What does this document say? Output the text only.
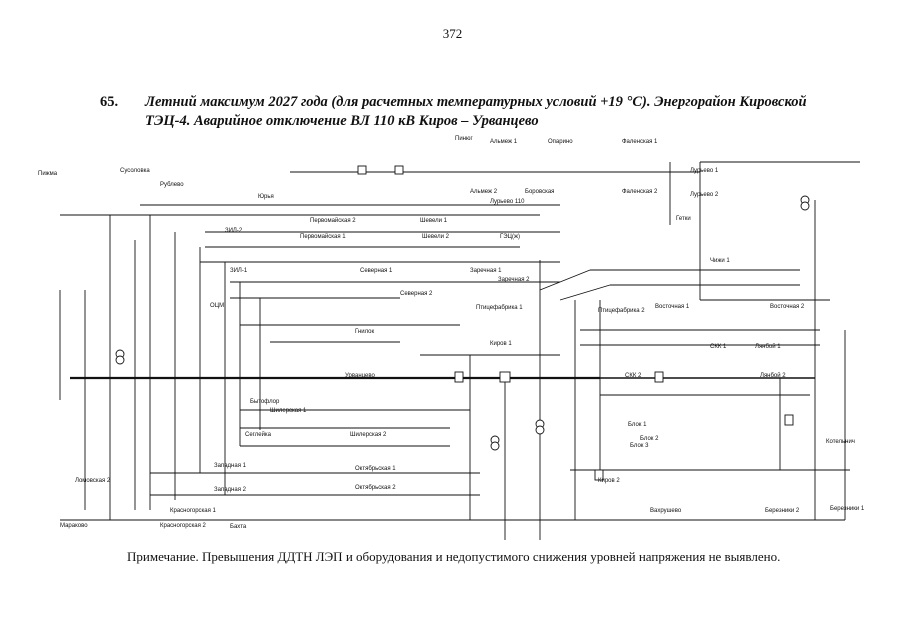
372
65. Летний максимум 2027 года (для расчетных температурных условий +19 °С). Энергорайон Кировской
ТЭЦ-4. Аварийное отключение ВЛ 110 кВ Киров – Урванцево
Сусоловка
Пижма
Рублево
Юрья
Пинюг	Альмеж 1	Опарино	Фаленская 1
Альмеж 2	Боровская	Фаленская 2
Лурьево 1
Лурьево 2
Гетки
Лурьево 110
Первомайская 2
Первомайская 1
Шевели 1
Шевели 2	ГЭЦ(ж)
ЗИЛ-2
ЗИЛ-1	Северная 1
Северная 2
Заречная 1
Заречная 2
ОЦМ	Птицефабрика 1	Птицефабрика 2
Восточная 1	Восточная 2
СКК 1
СКК 2
Чижи 1
Лянбой 1
Лянбой 2
Гнилок
Киров 1
Урванцево
Шилерская 1
Шилерская 2
Бытофлор
Сеглейка
Западная 1
Западная 2
Октябрьская 1
Октябрьская 2
Ломовская 2
Блок 1
Блок 2
Блок 3
Киров 2
Бахта
Мараково
Красногорская 1
Красногорская 2
Березники 1
Березники 2
Котельнич
Вахрушево
Примечание. Превышения ДДТН ЛЭП и оборудования и недопустимого снижения уровней напряжения не выявлено.
